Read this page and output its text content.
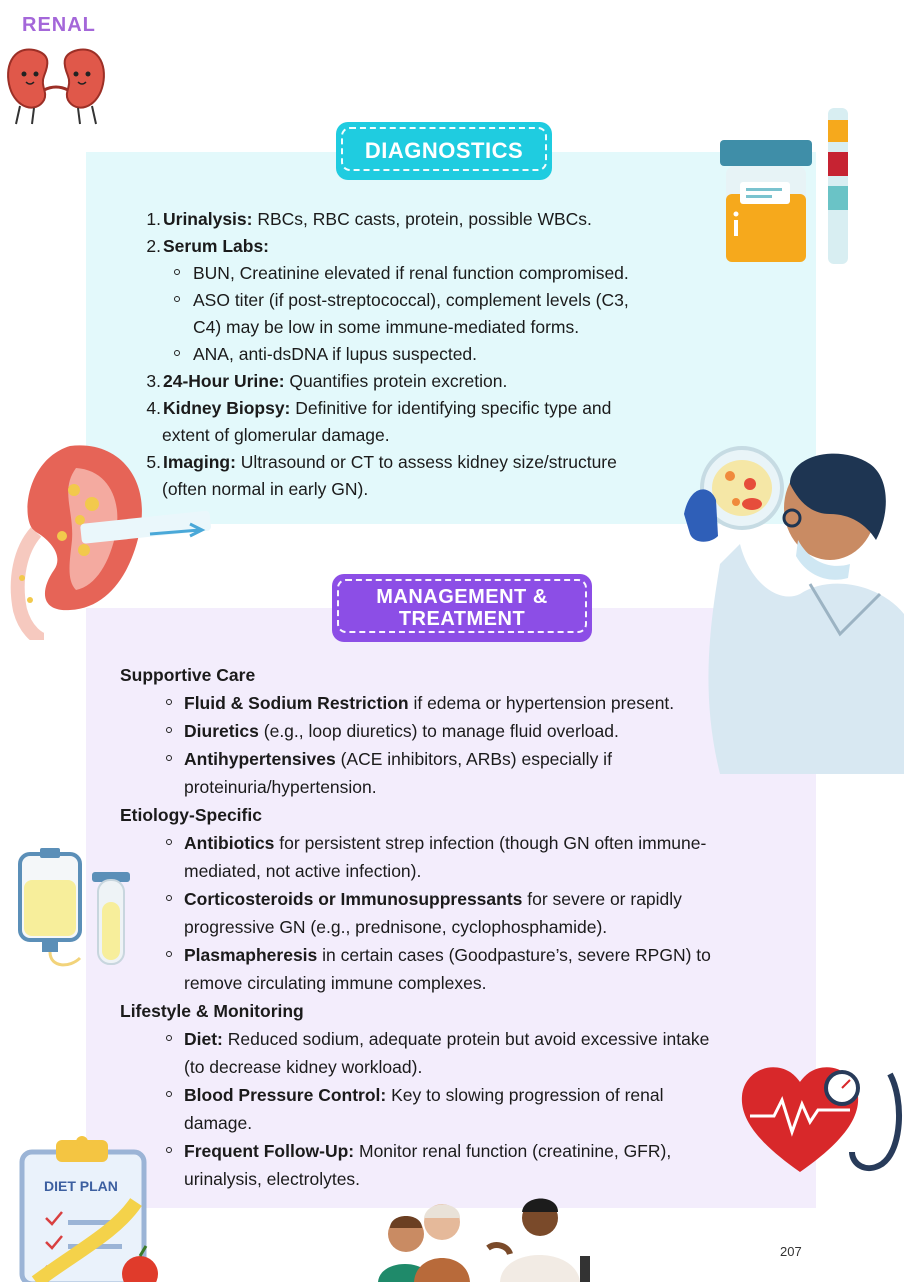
RENAL
DIET PLAN
DIAGNOSTICS
MANAGEMENT &
TREATMENT
1. Urinalysis: RBCs, RBC casts, protein, possible WBCs.
2. Serum Labs:
BUN, Creatinine elevated if renal function compromised.
ASO titer (if post-streptococcal), complement levels (C3,
C4) may be low in some immune-mediated forms.
ANA, anti-dsDNA if lupus suspected.
3. 24-Hour Urine: Quantifies protein excretion.
4. Kidney Biopsy: Definitive for identifying specific type and
extent of glomerular damage.
5. Imaging: Ultrasound or CT to assess kidney size/structure
(often normal in early GN).
Supportive Care
Fluid & Sodium Restriction if edema or hypertension present.
Diuretics (e.g., loop diuretics) to manage fluid overload.
Antihypertensives (ACE inhibitors, ARBs) especially if
proteinuria/hypertension.
Etiology-Specific
Antibiotics for persistent strep infection (though GN often immune-
mediated, not active infection).
Corticosteroids or Immunosuppressants for severe or rapidly
progressive GN (e.g., prednisone, cyclophosphamide).
Plasmapheresis in certain cases (Goodpasture’s, severe RPGN) to
remove circulating immune complexes.
Lifestyle & Monitoring
Diet: Reduced sodium, adequate protein but avoid excessive intake
(to decrease kidney workload).
Blood Pressure Control: Key to slowing progression of renal
damage.
Frequent Follow-Up: Monitor renal function (creatinine, GFR),
urinalysis, electrolytes.
207
